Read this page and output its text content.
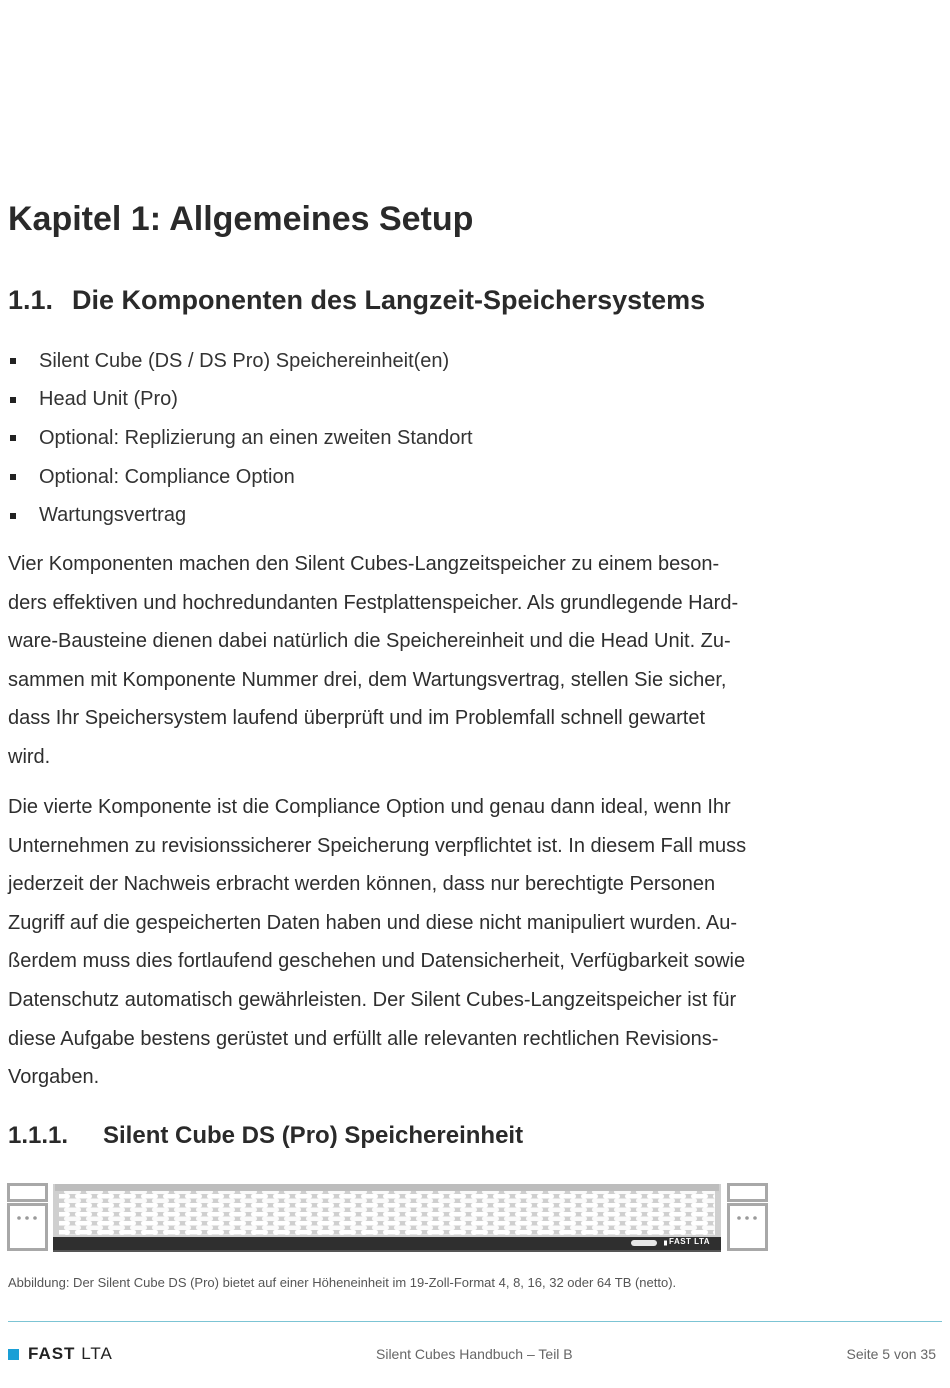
Kapitel 1: Allgemeines Setup
1.1. Die Komponenten des Langzeit-Speichersystems
Silent Cube (DS / DS Pro) Speichereinheit(en)
Head Unit (Pro)
Optional: Replizierung an einen zweiten Standort
Optional: Compliance Option
Wartungsvertrag

Vier Komponenten machen den Silent Cubes-Langzeitspeicher zu einem beson-
ders effektiven und hochredundanten Festplattenspeicher. Als grundlegende Hard-
ware-Bausteine dienen dabei natürlich die Speichereinheit und die Head Unit. Zu-
sammen mit Komponente Nummer drei, dem Wartungsvertrag, stellen Sie sicher,
dass Ihr Speichersystem laufend überprüft und im Problemfall schnell gewartet
wird.

Die vierte Komponente ist die Compliance Option und genau dann ideal, wenn Ihr
Unternehmen zu revisionssicherer Speicherung verpflichtet ist. In diesem Fall muss
jederzeit der Nachweis erbracht werden können, dass nur berechtigte Personen
Zugriff auf die gespeicherten Daten haben und diese nicht manipuliert wurden. Au-
ßerdem muss dies fortlaufend geschehen und Datensicherheit, Verfügbarkeit sowie
Datenschutz automatisch gewährleisten. Der Silent Cubes-Langzeitspeicher ist für
diese Aufgabe bestens gerüstet und erfüllt alle relevanten rechtlichen Revisions-
Vorgaben.

1.1.1. Silent Cube DS (Pro) Speichereinheit
FAST LTA

Abbildung: Der Silent Cube DS (Pro) bietet auf einer Höheneinheit im 19-Zoll-Format 4, 8, 16, 32 oder 64 TB (netto).

FAST LTA	Silent Cubes Handbuch – Teil B	Seite 5 von 35
